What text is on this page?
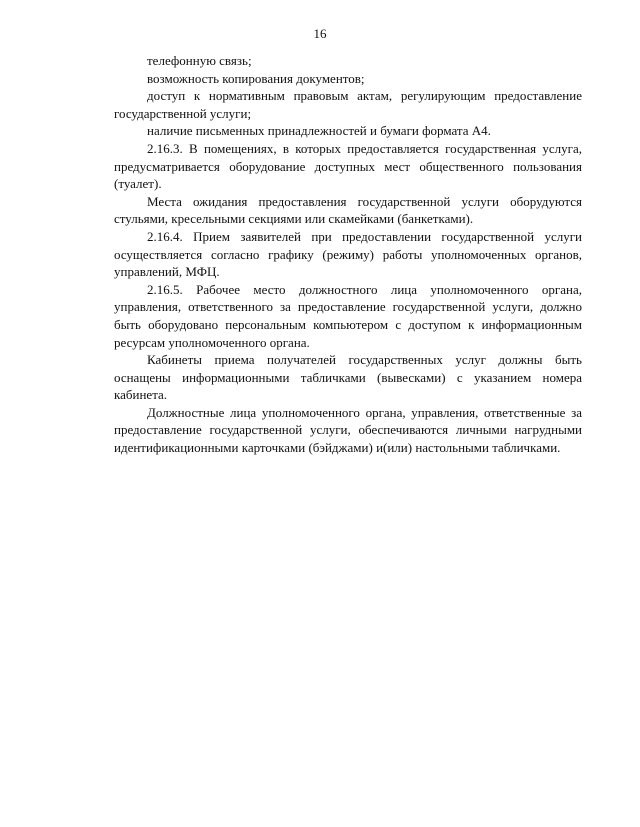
16

телефонную связь;

возможность копирования документов;

доступ к нормативным правовым актам, регулирующим предоставление государственной услуги;

наличие письменных принадлежностей и бумаги формата А4.

2.16.3. В помещениях, в которых предоставляется государственная услуга, предусматривается оборудование доступных мест общественного пользования (туалет).

Места ожидания предоставления государственной услуги оборудуются стульями, кресельными секциями или скамейками (банкетками).

2.16.4. Прием заявителей при предоставлении государственной услуги осуществляется согласно графику (режиму) работы уполномоченных органов, управлений, МФЦ.

2.16.5. Рабочее место должностного лица уполномоченного органа, управления, ответственного за предоставление государственной услуги, должно быть оборудовано персональным компьютером с доступом к информационным ресурсам уполномоченного органа.

Кабинеты приема получателей государственных услуг должны быть оснащены информационными табличками (вывесками) с указанием номера кабинета.

Должностные лица уполномоченного органа, управления, ответственные за предоставление государственной услуги, обеспечиваются личными нагрудными идентификационными карточками (бэйджами) и(или) настольными табличками.
